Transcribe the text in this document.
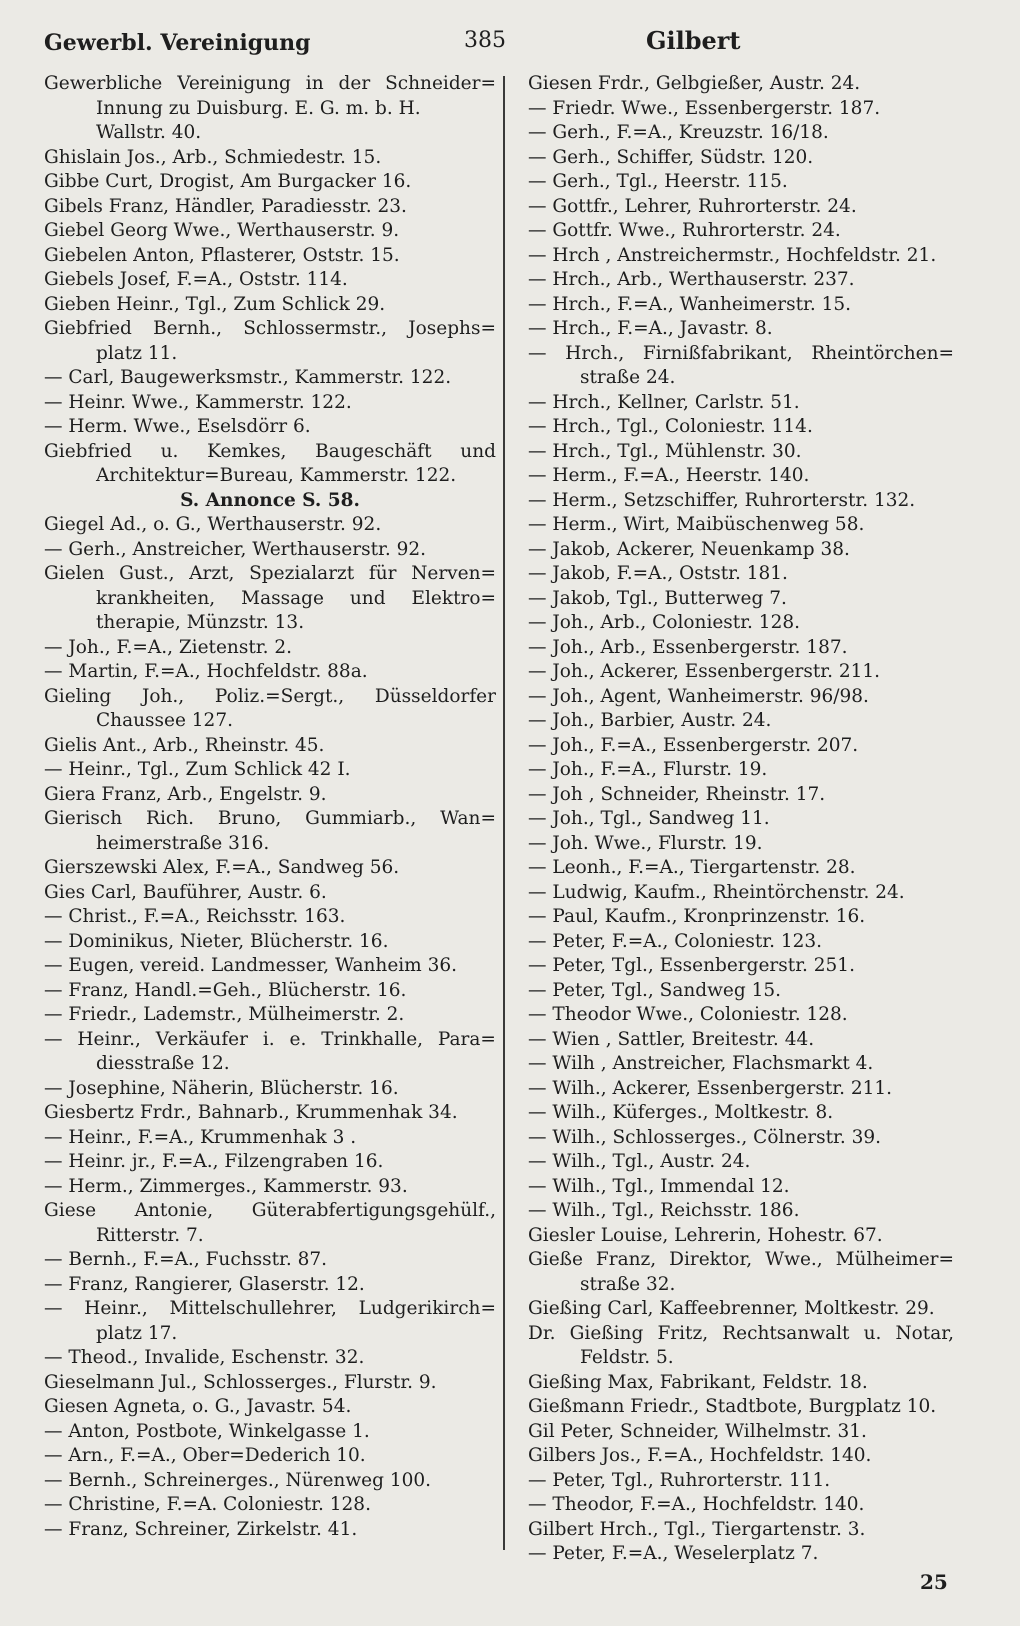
Gewerbl. Vereinigung	385	Gilbert
Gewerbliche Vereinigung in der Schneider=
Innung zu Duisburg. E. G. m. b. H.
Wallstr. 40.
Ghislain Jos., Arb., Schmiedestr. 15.
Gibbe Curt, Drogist, Am Burgacker 16.
Gibels Franz, Händler, Paradiesstr. 23.
Giebel Georg Wwe., Werthauserstr. 9.
Giebelen Anton, Pflasterer, Oststr. 15.
Giebels Josef, F.=A., Oststr. 114.
Gieben Heinr., Tgl., Zum Schlick 29.
Giebfried Bernh., Schlossermstr., Josephs=
platz 11.
— Carl, Baugewerksmstr., Kammerstr. 122.
— Heinr. Wwe., Kammerstr. 122.
— Herm. Wwe., Eselsdörr 6.
Giebfried u. Kemkes, Baugeschäft und
Architektur=Bureau, Kammerstr. 122.
S. Annonce S. 58.
Giegel Ad., o. G., Werthauserstr. 92.
— Gerh., Anstreicher, Werthauserstr. 92.
Gielen Gust., Arzt, Spezialarzt für Nerven=
krankheiten, Massage und Elektro=
therapie, Münzstr. 13.
— Joh., F.=A., Zietenstr. 2.
— Martin, F.=A., Hochfeldstr. 88a.
Gieling Joh., Poliz.=Sergt., Düsseldorfer
Chaussee 127.
Gielis Ant., Arb., Rheinstr. 45.
— Heinr., Tgl., Zum Schlick 42 I.
Giera Franz, Arb., Engelstr. 9.
Gierisch Rich. Bruno, Gummiarb., Wan=
heimerstraße 316.
Gierszewski Alex, F.=A., Sandweg 56.
Gies Carl, Bauführer, Austr. 6.
— Christ., F.=A., Reichsstr. 163.
— Dominikus, Nieter, Blücherstr. 16.
— Eugen, vereid. Landmesser, Wanheim 36.
— Franz, Handl.=Geh., Blücherstr. 16.
— Friedr., Lademstr., Mülheimerstr. 2.
— Heinr., Verkäufer i. e. Trinkhalle, Para=
diesstraße 12.
— Josephine, Näherin, Blücherstr. 16.
Giesbertz Frdr., Bahnarb., Krummenhak 34.
— Heinr., F.=A., Krummenhak 3 .
— Heinr. jr., F.=A., Filzengraben 16.
— Herm., Zimmerges., Kammerstr. 93.
Giese Antonie, Güterabfertigungsgehülf.,
Ritterstr. 7.
— Bernh., F.=A., Fuchsstr. 87.
— Franz, Rangierer, Glaserstr. 12.
— Heinr., Mittelschullehrer, Ludgerikirch=
platz 17.
— Theod., Invalide, Eschenstr. 32.
Gieselmann Jul., Schlosserges., Flurstr. 9.
Giesen Agneta, o. G., Javastr. 54.
— Anton, Postbote, Winkelgasse 1.
— Arn., F.=A., Ober=Dederich 10.
— Bernh., Schreinerges., Nürenweg 100.
— Christine, F.=A. Coloniestr. 128.
— Franz, Schreiner, Zirkelstr. 41.
Giesen Frdr., Gelbgießer, Austr. 24.
— Friedr. Wwe., Essenbergerstr. 187.
— Gerh., F.=A., Kreuzstr. 16/18.
— Gerh., Schiffer, Südstr. 120.
— Gerh., Tgl., Heerstr. 115.
— Gottfr., Lehrer, Ruhrorterstr. 24.
— Gottfr. Wwe., Ruhrorterstr. 24.
— Hrch , Anstreichermstr., Hochfeldstr. 21.
— Hrch., Arb., Werthauserstr. 237.
— Hrch., F.=A., Wanheimerstr. 15.
— Hrch., F.=A., Javastr. 8.
— Hrch., Firnißfabrikant, Rheintörchen=
straße 24.
— Hrch., Kellner, Carlstr. 51.
— Hrch., Tgl., Coloniestr. 114.
— Hrch., Tgl., Mühlenstr. 30.
— Herm., F.=A., Heerstr. 140.
— Herm., Setzschiffer, Ruhrorterstr. 132.
— Herm., Wirt, Maibüschenweg 58.
— Jakob, Ackerer, Neuenkamp 38.
— Jakob, F.=A., Oststr. 181.
— Jakob, Tgl., Butterweg 7.
— Joh., Arb., Coloniestr. 128.
— Joh., Arb., Essenbergerstr. 187.
— Joh., Ackerer, Essenbergerstr. 211.
— Joh., Agent, Wanheimerstr. 96/98.
— Joh., Barbier, Austr. 24.
— Joh., F.=A., Essenbergerstr. 207.
— Joh., F.=A., Flurstr. 19.
— Joh , Schneider, Rheinstr. 17.
— Joh., Tgl., Sandweg 11.
— Joh. Wwe., Flurstr. 19.
— Leonh., F.=A., Tiergartenstr. 28.
— Ludwig, Kaufm., Rheintörchenstr. 24.
— Paul, Kaufm., Kronprinzenstr. 16.
— Peter, F.=A., Coloniestr. 123.
— Peter, Tgl., Essenbergerstr. 251.
— Peter, Tgl., Sandweg 15.
— Theodor Wwe., Coloniestr. 128.
— Wien , Sattler, Breitestr. 44.
— Wilh , Anstreicher, Flachsmarkt 4.
— Wilh., Ackerer, Essenbergerstr. 211.
— Wilh., Küferges., Moltkestr. 8.
— Wilh., Schlosserges., Cölnerstr. 39.
— Wilh., Tgl., Austr. 24.
— Wilh., Tgl., Immendal 12.
— Wilh., Tgl., Reichsstr. 186.
Giesler Louise, Lehrerin, Hohestr. 67.
Gieße Franz, Direktor, Wwe., Mülheimer=
straße 32.
Gießing Carl, Kaffeebrenner, Moltkestr. 29.
Dr. Gießing Fritz, Rechtsanwalt u. Notar,
Feldstr. 5.
Gießing Max, Fabrikant, Feldstr. 18.
Gießmann Friedr., Stadtbote, Burgplatz 10.
Gil Peter, Schneider, Wilhelmstr. 31.
Gilbers Jos., F.=A., Hochfeldstr. 140.
— Peter, Tgl., Ruhrorterstr. 111.
— Theodor, F.=A., Hochfeldstr. 140.
Gilbert Hrch., Tgl., Tiergartenstr. 3.
— Peter, F.=A., Weselerplatz 7.
25
